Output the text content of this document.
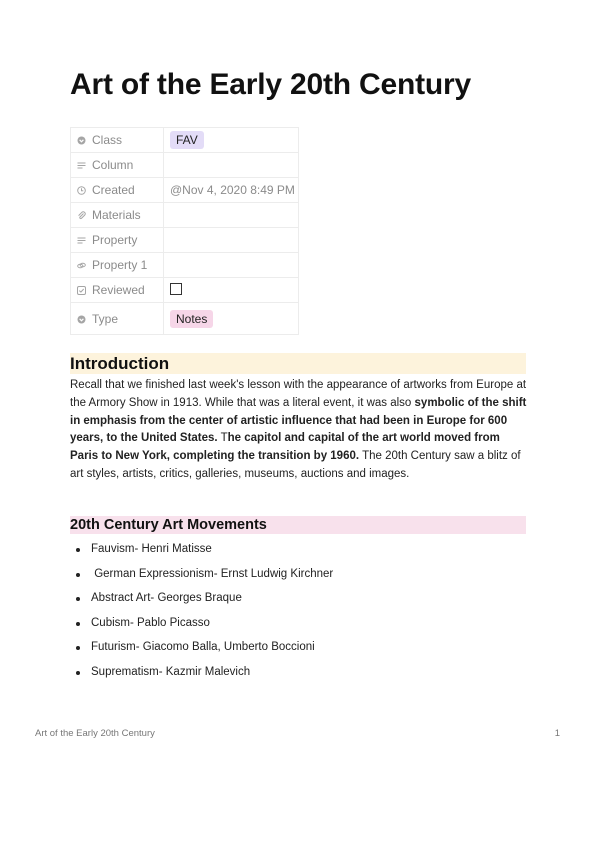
Art of the Early 20th Century
Class	FAV

Column	

Created	@Nov 4, 2020 8:49 PM

Materials	

Property	

Property 1	

Reviewed	

Type	Notes
Introduction

Recall that we finished last week's lesson with the appearance of artworks from Europe at the Armory Show in 1913. While that was a literal event, it was also symbolic of the shift in emphasis from the center of artistic influence that had been in Europe for 600 years, to the United States. The capitol and capital of the art world moved from Paris to New York, completing the transition by 1960. The 20th Century saw a blitz of art styles, artists, critics, galleries, museums, auctions and images.

20th Century Art Movements
Fauvism- Henri Matisse
German Expressionism- Ernst Ludwig Kirchner
Abstract Art- Georges Braque
Cubism- Pablo Picasso
Futurism- Giacomo Balla, Umberto Boccioni
Suprematism- Kazmir Malevich
Art of the Early 20th Century	1
